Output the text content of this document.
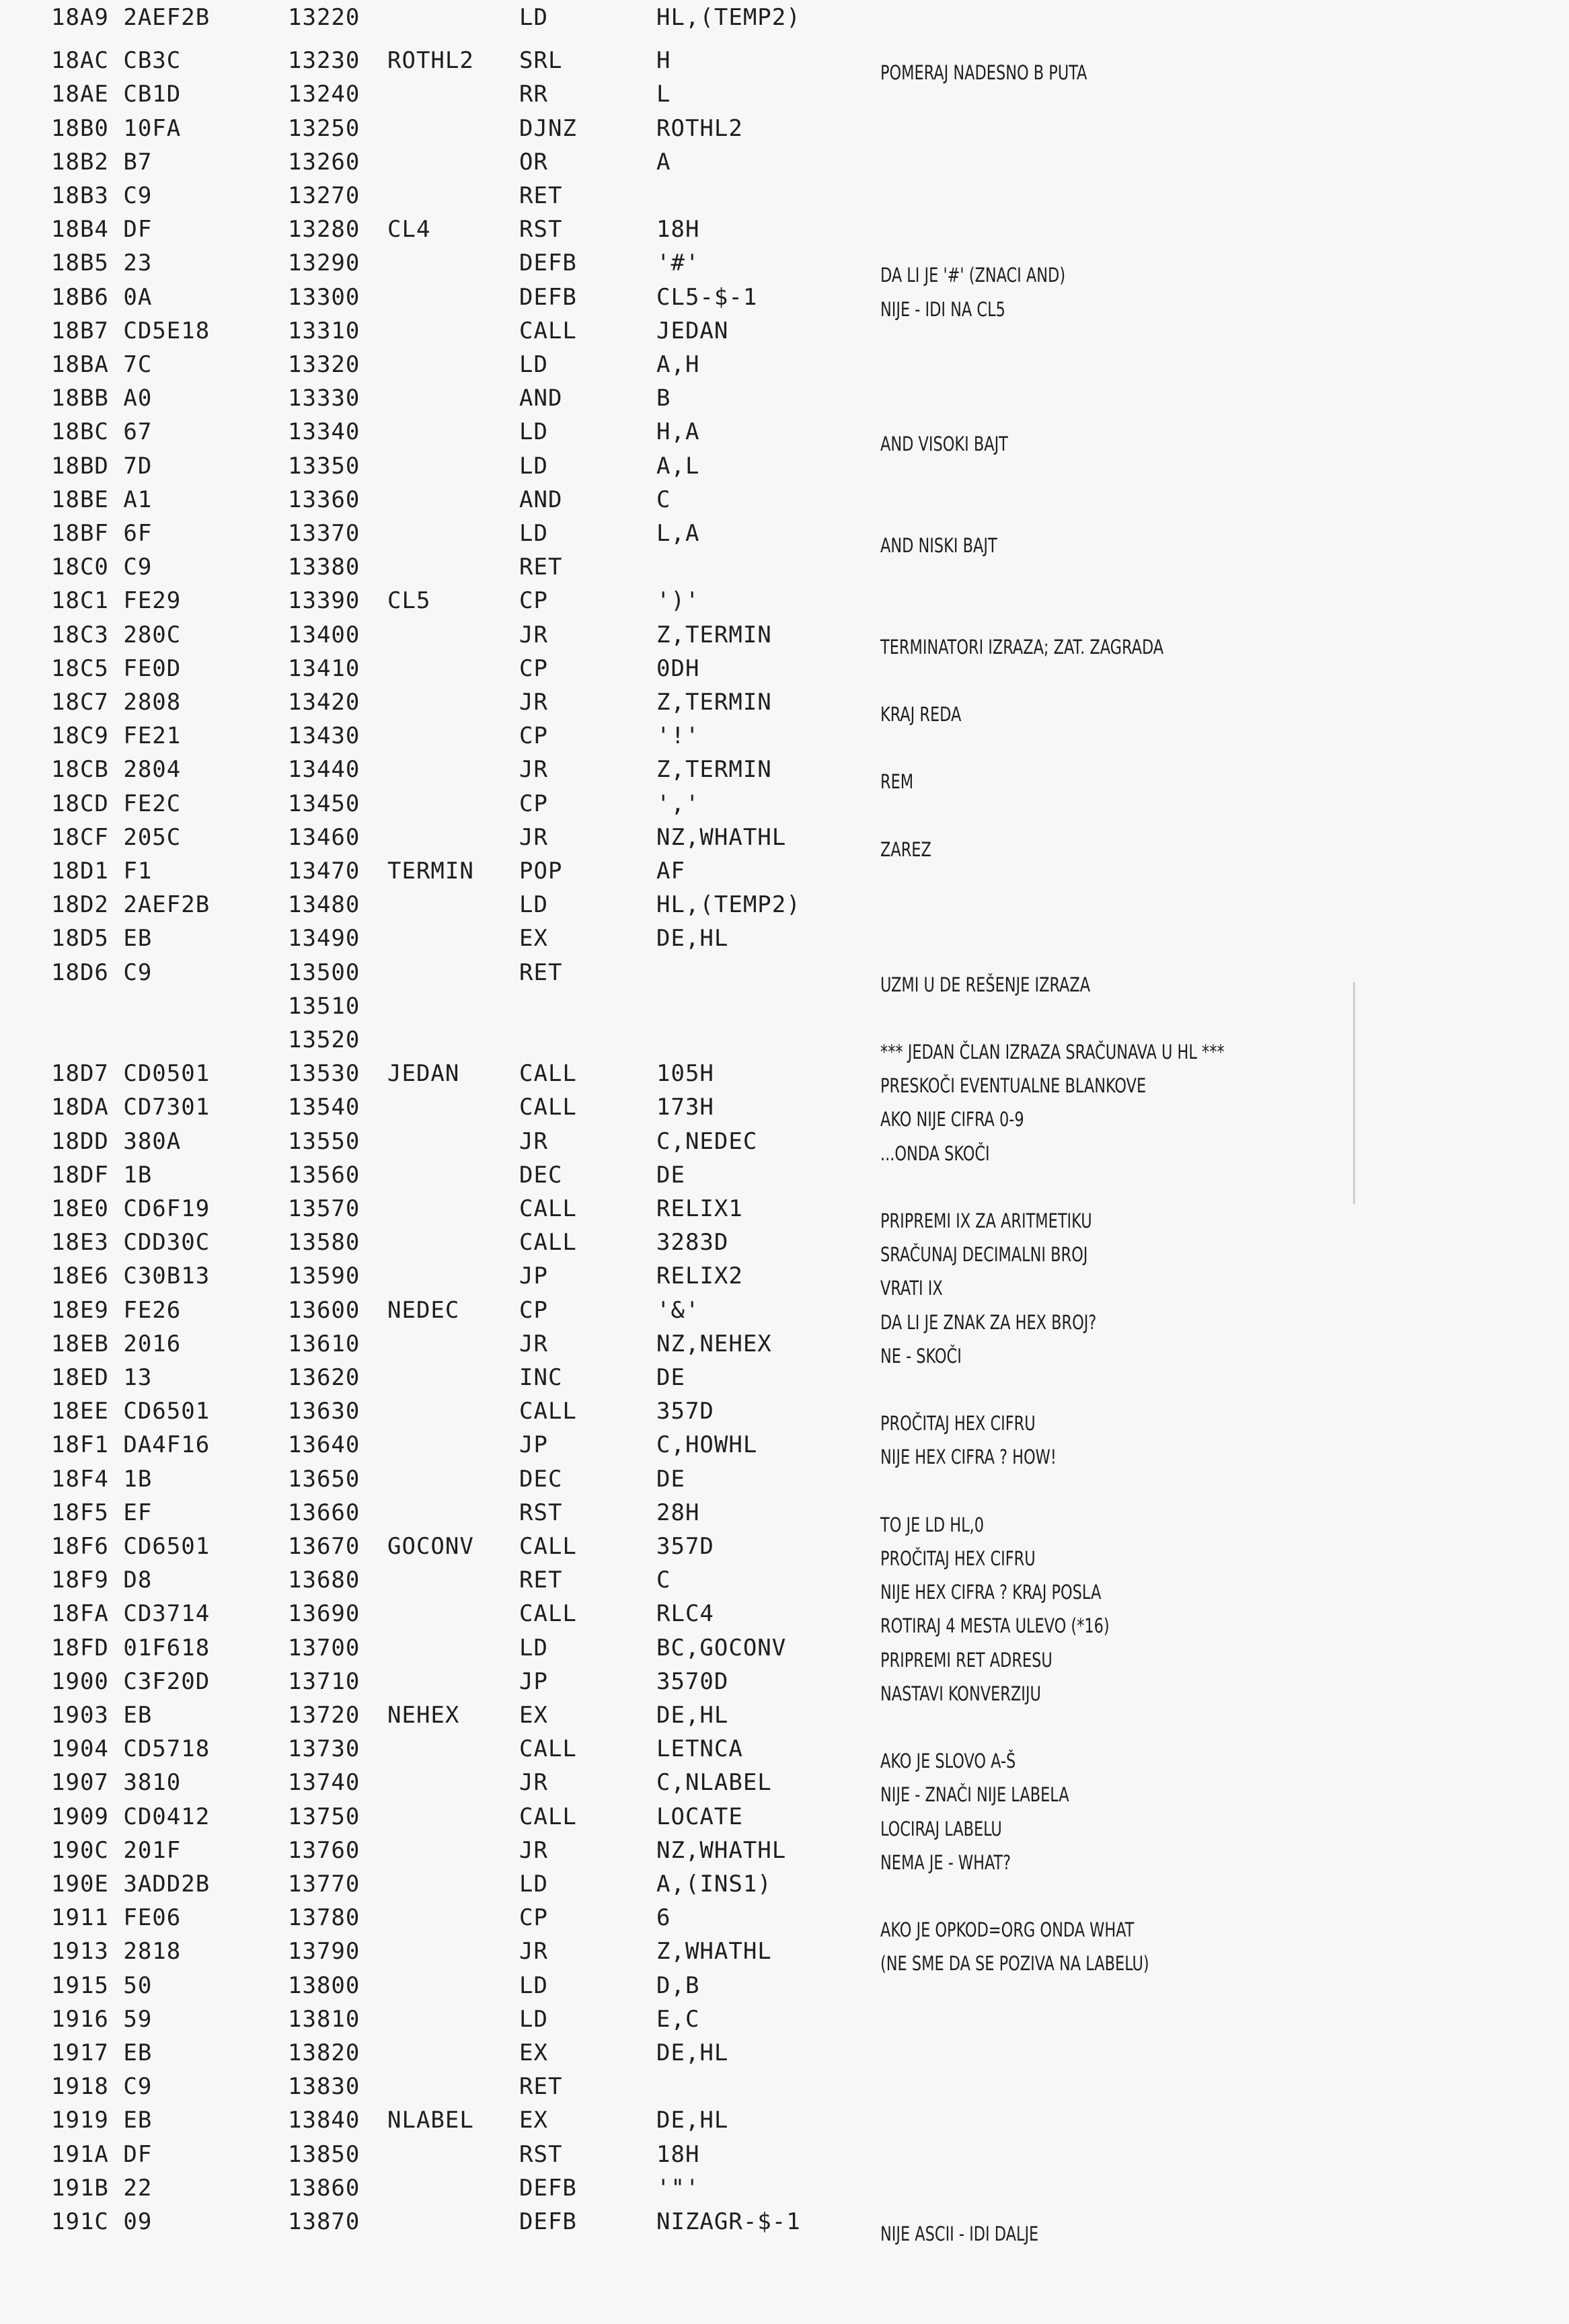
18A9 2AEF2B	13220	LD	HL,(TEMP2)
18AC CB3C	13230 ROTHL2 SRL	H	POMERAJ NADESNO B PUTA
18AE CB1D	13240	RR	L
18B0 10FA	13250	DJNZ	ROTHL2
18B2 B7	13260	OR	A
18B3 C9	13270	RET
18B4 DF	13280 CL4	RST	18H
18B5 23	13290	DEFB	'#'	DA LI JE '#' (ZNACI AND)
18B6 0A	13300	DEFB	CL5-$-1	NIJE - IDI NA CL5
18B7 CD5E18	13310	CALL	JEDAN
18BA 7C	13320	LD	A,H
18BB A0	13330	AND	B
18BC 67	13340	LD	H,A	AND VISOKI BAJT
18BD 7D	13350	LD	A,L
18BE A1	13360	AND	C
18BF 6F	13370	LD	L,A	AND NISKI BAJT
18C0 C9	13380	RET
18C1 FE29	13390 CL5	CP	')'
18C3 280C	13400	JR	Z,TERMIN	TERMINATORI IZRAZA; ZAT. ZAGRADA
18C5 FE0D	13410	CP	0DH
18C7 2808	13420	JR	Z,TERMIN	KRAJ REDA
18C9 FE21	13430	CP	'!'
18CB 2804	13440	JR	Z,TERMIN	REM
18CD FE2C	13450	CP	','
18CF 205C	13460	JR	NZ,WHATHL	ZAREZ
18D1 F1	13470 TERMIN POP	AF
18D2 2AEF2B	13480	LD	HL,(TEMP2)
18D5 EB	13490	EX	DE,HL
18D6 C9	13500	RET	UZMI U DE REŠENJE IZRAZA
13510
13520	*** JEDAN ČLAN IZRAZA SRAČUNAVA U HL ***
18D7 CD0501	13530 JEDAN	CALL	105H	PRESKOČI EVENTUALNE BLANKOVE
18DA CD7301	13540	CALL	173H	AKO NIJE CIFRA 0-9
18DD 380A	13550	JR	C,NEDEC	...ONDA SKOČI
18DF 1B	13560	DEC	DE
18E0 CD6F19	13570	CALL	RELIX1	PRIPREMI IX ZA ARITMETIKU
18E3 CDD30C	13580	CALL	3283D	SRAČUNAJ DECIMALNI BROJ
18E6 C30B13	13590	JP	RELIX2	VRATI IX
18E9 FE26	13600 NEDEC	CP	'&'	DA LI JE ZNAK ZA HEX BROJ?
18EB 2016	13610	JR	NZ,NEHEX	NE - SKOČI
18ED 13	13620	INC	DE
18EE CD6501	13630	CALL	357D	PROČITAJ HEX CIFRU
18F1 DA4F16	13640	JP	C,HOWHL	NIJE HEX CIFRA ? HOW!
18F4 1B	13650	DEC	DE
18F5 EF	13660	RST	28H	TO JE LD HL,0
18F6 CD6501	13670 GOCONV CALL	357D	PROČITAJ HEX CIFRU
18F9 D8	13680	RET	C	NIJE HEX CIFRA ? KRAJ POSLA
18FA CD3714	13690	CALL	RLC4	ROTIRAJ 4 MESTA ULEVO (*16)
18FD 01F618	13700	LD	BC,GOCONV	PRIPREMI RET ADRESU
1900 C3F20D	13710	JP	3570D	NASTAVI KONVERZIJU
1903 EB	13720 NEHEX	EX	DE,HL
1904 CD5718	13730	CALL	LETNCA	AKO JE SLOVO A-Š
1907 3810	13740	JR	C,NLABEL	NIJE - ZNAČI NIJE LABELA
1909 CD0412	13750	CALL	LOCATE	LOCIRAJ LABELU
190C 201F	13760	JR	NZ,WHATHL	NEMA JE - WHAT?
190E 3ADD2B	13770	LD	A,(INS1)
1911 FE06	13780	CP	6	AKO JE OPKOD=ORG ONDA WHAT
1913 2818	13790	JR	Z,WHATHL	(NE SME DA SE POZIVA NA LABELU)
1915 50	13800	LD	D,B
1916 59	13810	LD	E,C
1917 EB	13820	EX	DE,HL
1918 C9	13830	RET
1919 EB	13840 NLABEL EX	DE,HL
191A DF	13850	RST	18H
191B 22	13860	DEFB	'"'
191C 09	13870	DEFB	NIZAGR-$-1	NIJE ASCII - IDI DALJE
